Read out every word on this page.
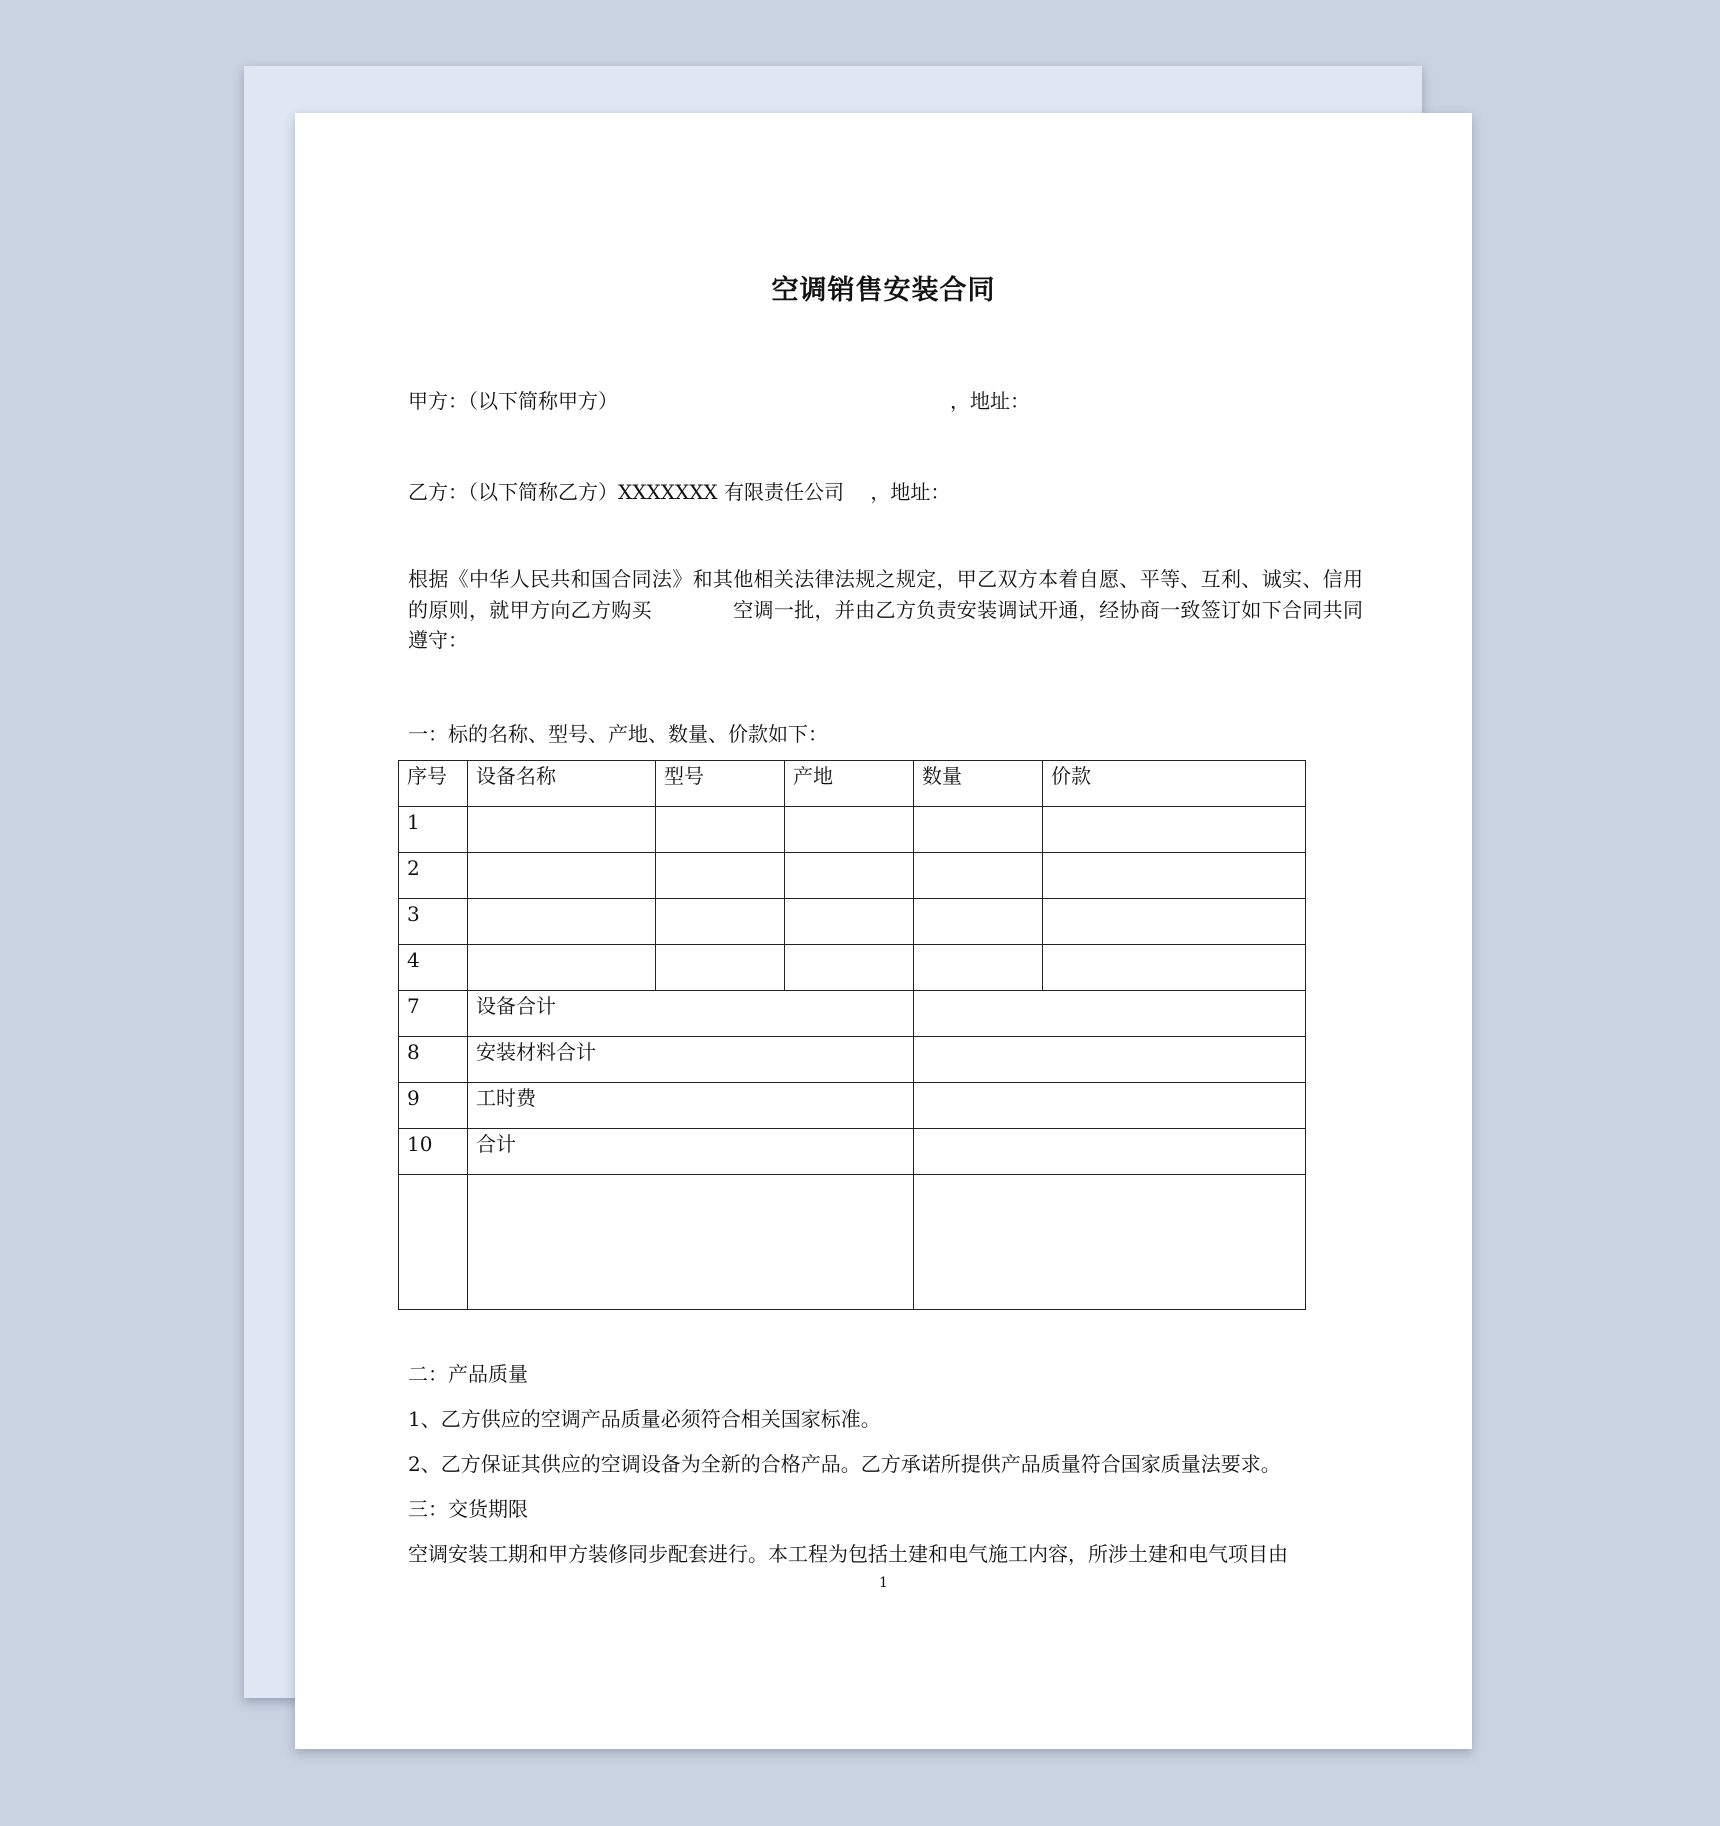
空调销售安装合同

甲方：（以下简称甲方）	，地址：

乙方：（以下简称乙方）XXXXXXX 有限责任公司 　，地址：

根据《中华人民共和国合同法》和其他相关法律法规之规定，甲乙双方本着自愿、平等、互利、诚实、信用的原则，就甲方向乙方购买　　　　空调一批，并由乙方负责安装调试开通，经协商一致签订如下合同共同遵守：

一：标的名称、型号、产地、数量、价款如下：

序号	设备名称	型号	产地	数量	价款
1					
2					
3					
4					
7	设备合计				
8	安装材料合计				
9	工时费				
10	合计				

二：产品质量

1、乙方供应的空调产品质量必须符合相关国家标准。

2、乙方保证其供应的空调设备为全新的合格产品。乙方承诺所提供产品质量符合国家质量法要求。

三：交货期限

空调安装工期和甲方装修同步配套进行。本工程为包括土建和电气施工内容，所涉土建和电气项目由

1
